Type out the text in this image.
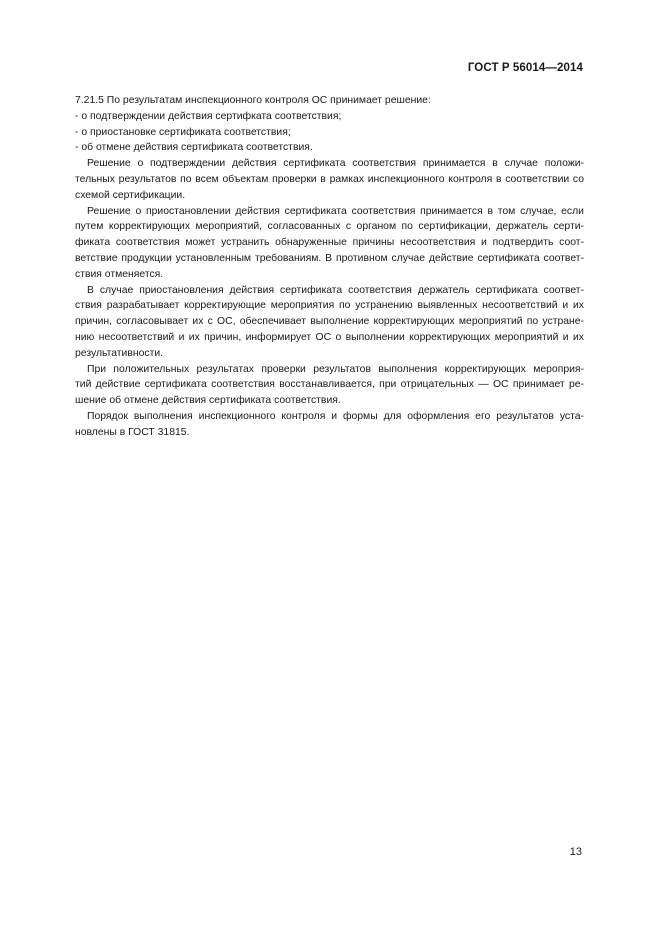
ГОСТ Р 56014—2014
7.21.5 По результатам инспекционного контроля ОС принимает решение:
- о подтверждении действия сертифката соответствия;
- о приостановке сертификата соответствия;
- об отмене действия сертификата соответствия.
Решение о подтверждении действия сертификата соответствия принимается в случае положи-
тельных результатов по всем объектам проверки в рамках инспекционного контроля в соответствии со
схемой сертификации.
Решение о приостановлении действия сертификата соответствия принимается в том случае, если
путем корректирующих мероприятий, согласованных с органом по сертификации, держатель серти-
фиката соответствия может устранить обнаруженные причины несоответствия и подтвердить соот-
ветствие продукции установленным требованиям. В противном случае действие сертификата соответ-
ствия отменяется.
В случае приостановления действия сертификата соответствия держатель сертификата соответ-
ствия разрабатывает корректирующие мероприятия по устранению выявленных несоответствий и их
причин, согласовывает их с ОС, обеспечивает выполнение корректирующих мероприятий по устране-
нию несоответствий и их причин, информирует ОС о выполнении корректирующих мероприятий и их
результативности.
При положительных результатах проверки результатов выполнения корректирующих мероприя-
тий действие сертификата соответствия восстанавливается, при отрицательных — ОС принимает ре-
шение об отмене действия сертификата соответствия.
Порядок выполнения инспекционного контроля и формы для оформления его результатов уста-
новлены в ГОСТ 31815.
13
